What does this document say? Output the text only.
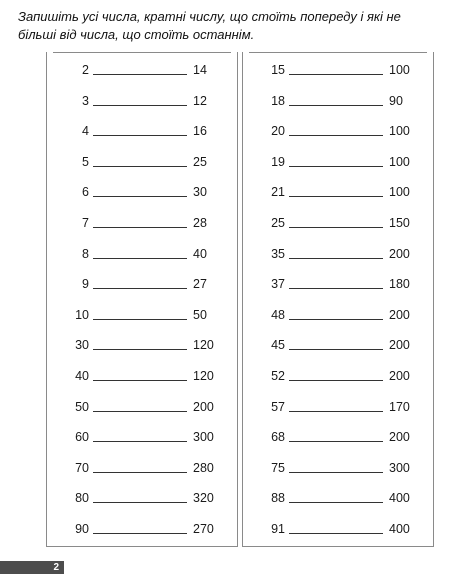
Запишіть усі числа, кратні числу, що стоїть попереду і які не
більші від числа, що стоїть останнім.
2	14
3	12
4	16
5	25
6	30
7	28
8	40
9	27
10	50
30	120
40	120
50	200
60	300
70	280
80	320
90	270
15	100
18	90
20	100
19	100
21	100
25	150
35	200
37	180
48	200
45	200
52	200
57	170
68	200
75	300
88	400
91	400
2
